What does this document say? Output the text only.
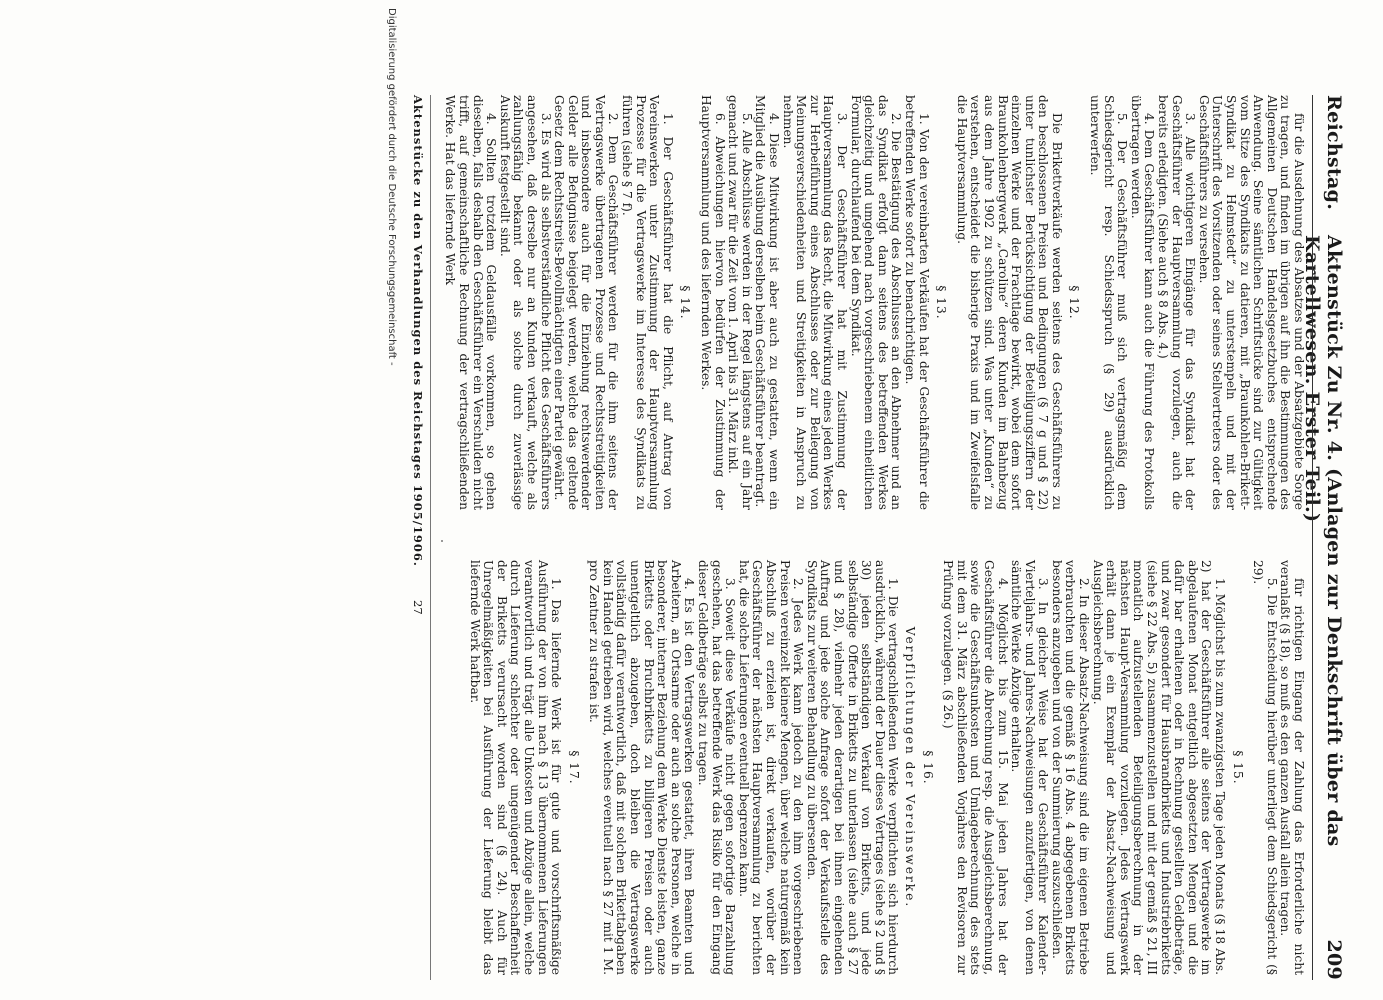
Reichstag.
Aktenstück Zu Nr. 4. (Anlagen zur Denkschrift über das Kartellwesen. Erster Teil.)
209

für die Ausdehnung des Absatzes und der Absatzgebiete Sorge zu tragen, und finden im übrigen auf ihn die Bestimmungen des Allgemeinen Deutschen Handelsgesetzbuches entsprechende Anwendung. Seine sämtlichen Schriftstücke sind zur Gültigkeit vom Sitze des Syndikats zu datieren, mit „Braunkohlen-Brikett-Syndikat zu Helmstedt“ zu unterstempeln und mit der Unterschrift des Vorsitzenden oder seines Stellvertreters oder des Geschäftsführers zu versehen.

3. Alle wichtigeren Eingänge für das Syndikat hat der Geschäftsführer der Hauptversammlung vorzulegen, auch die bereits erledigten. (Siehe auch § 8 Abs. 4.)

4. Dem Geschäftsführer kann auch die Führung des Protokolls übertragen werden.

5. Der Geschäftsführer muß sich vertragsmäßig dem Schiedsgericht resp. Schiedsspruch (§ 29) ausdrücklich unterwerfen.

§ 12.

Die Brikettverkäufe werden seitens des Geschäftsführers zu den beschlossenen Preisen und Bedingungen (§ 7 g und § 22) unter tunlichster Berücksichtigung der Beteiligungsziffern der einzelnen Werke und der Frachtlage bewirkt, wobei dem sofort Braunkohlenbergwerk „Caroline“ deren Kunden im Bahnbezug aus dem Jahre 1902 zu schützen sind. Was unter „Kunden“ zu verstehen, entscheidet die bisherige Praxis und im Zweifelsfalle die Hauptversammlung.

§ 13.

1. Von den vereinbarten Verkäufen hat der Geschäftsführer die betreffenden Werke sofort zu benachrichtigen.

2. Die Bestätigung des Abschlusses an den Abnehmer und an das Syndikat erfolgt dann seitens des betreffenden Werkes gleichzeitig und umgehend nach vorgeschriebenem einheitlichen Formular, durchlaufend bei dem Syndikat.

3. Der Geschäftsführer hat mit Zustimmung der Hauptversammlung das Recht, die Mitwirkung eines jeden Werkes zur Herbeiführung eines Abschlusses oder zur Beilegung von Meinungsverschiedenheiten und Streitigkeiten in Anspruch zu nehmen.

4. Diese Mitwirkung ist aber auch zu gestatten, wenn ein Mitglied die Ausübung derselben beim Geschäftsführer beantragt.

5. Alle Abschlüsse werden in der Regel längstens auf ein Jahr gemacht und zwar für die Zeit vom 1. April bis 31. März inkl.

6. Abweichungen hiervon bedürfen der Zustimmung der Hauptversammlung und des liefernden Werkes.

§ 14.

1. Der Geschäftsführer hat die Pflicht, auf Antrag von Vereinswerken unter Zustimmung der Hauptversammlung Prozesse für die Vertragswerke im Interesse des Syndikats zu führen (siehe § 7 f).

2. Dem Geschäftsführer werden für die ihm seitens der Vertragswerke übertragenen Prozesse und Rechtsstreitigkeiten und insbesondere auch für die Einziehung rechtswerdender Gelder alle Befugnisse beigelegt werden, welche das geltende Gesetz dem Rechtsstreits-Bevollmächtigten einer Partei gewährt.

3. Es wird als selbstverständliche Pflicht des Geschäftsführers angesehen, daß derselbe nur an Kunden verkauft, welche als zahlungsfähig bekannt oder als solche durch zuverlässige Auskunft festgestellt sind.

4. Sollten trotzdem Geldausfälle vorkommen, so gehen dieselben, falls deshalb den Geschäftsführer ein Verschulden nicht trifft, auf gemeinschaftliche Rechnung der vertragschließenden Werke. Hat das liefernde Werk

für richtigen Eingang der Zahlung das Erforderliche nicht veranlaßt (§ 18), so muß es den ganzen Ausfall allein tragen.

5. Die Entscheidung hierüber unterliegt dem Schiedsgericht (§ 29).

§ 15.

1. Möglichst bis zum zwanzigsten Tage jeden Monats (§ 18 Abs. 2) hat der Geschäftsführer alle seitens der Vertragswerke im abgelaufenen Monat entgeltlich abgesetzten Mengen und die dafür bar erhaltenen oder in Rechnung gestellten Geldbeträge, und zwar gesondert für Hausbrandbriketts und Industriebriketts (siehe § 22 Abs. 5) zusammenzustellen und mit der gemäß § 21, III monatlich aufzustellenden Beteiligungsberechnung in der nächsten Haupt-Versammlung vorzulegen. Jedes Vertragswerk erhält dann je ein Exemplar der Absatz-Nachweisung und Ausgleichsberechnung.

2. In dieser Absatz-Nachweisung sind die im eigenen Betriebe verbrauchten und die gemäß § 16 Abs. 4 abgegebenen Briketts besonders anzugeben und von der Summierung auszuschließen.

3. In gleicher Weise hat der Geschäftsführer Kalender-Vierteljahrs- und Jahres-Nachweisungen anzufertigen, von denen sämtliche Werke Abzüge erhalten.

4. Möglichst bis zum 15. Mai jeden Jahres hat der Geschäftsführer die Abrechnung resp. die Ausgleichsberechnung, sowie die Geschäftsunkosten und Umlageberechnung des stets mit dem 31. März abschließenden Vorjahres den Revisoren zur Prüfung vorzulegen. (§ 26.)

§ 16.

Verpflichtungen der Vereinswerke.

1. Die vertragschließenden Werke verpflichten sich hierdurch ausdrücklich, während der Dauer dieses Vertrages (siehe § 2 und § 30) jeden selbständigen Verkauf von Briketts, und jede selbständige Offerte in Briketts zu unterlassen (siehe auch § 27 und § 28), vielmehr jeden derartigen bei ihnen eingehenden Auftrag und jede solche Anfrage sofort der Verkaufsstelle des Syndikats zur weiteren Behandlung zu übersenden.

2. Jedes Werk kann jedoch zu den ihm vorgeschriebenen Preisen vereinzelt kleinere Mengen, über welche naturgemäß kein Abschluß zu erzielen ist, direkt verkaufen, worüber der Geschäftsführer der nächsten Hauptversammlung zu berichten hat, die solche Lieferungen eventuell begrenzen kann.

3. Soweit diese Verkäufe nicht gegen sofortige Barzahlung geschehen, hat das betreffende Werk das Risiko für den Eingang dieser Geldbeträge selbst zu tragen.

4. Es ist den Vertragswerken gestattet, ihren Beamten und Arbeitern, an Ortsarme oder auch an solche Personen, welche in besonderer, interner Beziehung dem Werke Dienste leisten, ganze Briketts oder Bruchbriketts zu billigeren Preisen oder auch unentgeltlich abzugeben, doch bleiben die Vertragswerke vollständig dafür verantwortlich, daß mit solchen Brikettabgaben kein Handel getrieben wird, welches eventuell nach § 27 mit 1 M. pro Zentner zu strafen ist.

§ 17.

1. Das liefernde Werk ist für gute und vorschriftsmäßige Ausführung der von ihm nach § 13 übernommenen Lieferungen verantwortlich und trägt alle Unkosten und Abzüge allein, welche durch Lieferung schlechter oder ungenügender Beschaffenheit der Briketts verursacht worden sind (§ 24). Auch für Unregelmäßigkeiten bei Ausführung der Lieferung bleibt das liefernde Werk haftbar.

Aktenstücke zu den Verhandlungen des Reichstages 1905/1906.
27
Digitalisierung gefördert durch die Deutsche Forschungsgemeinschaft -
